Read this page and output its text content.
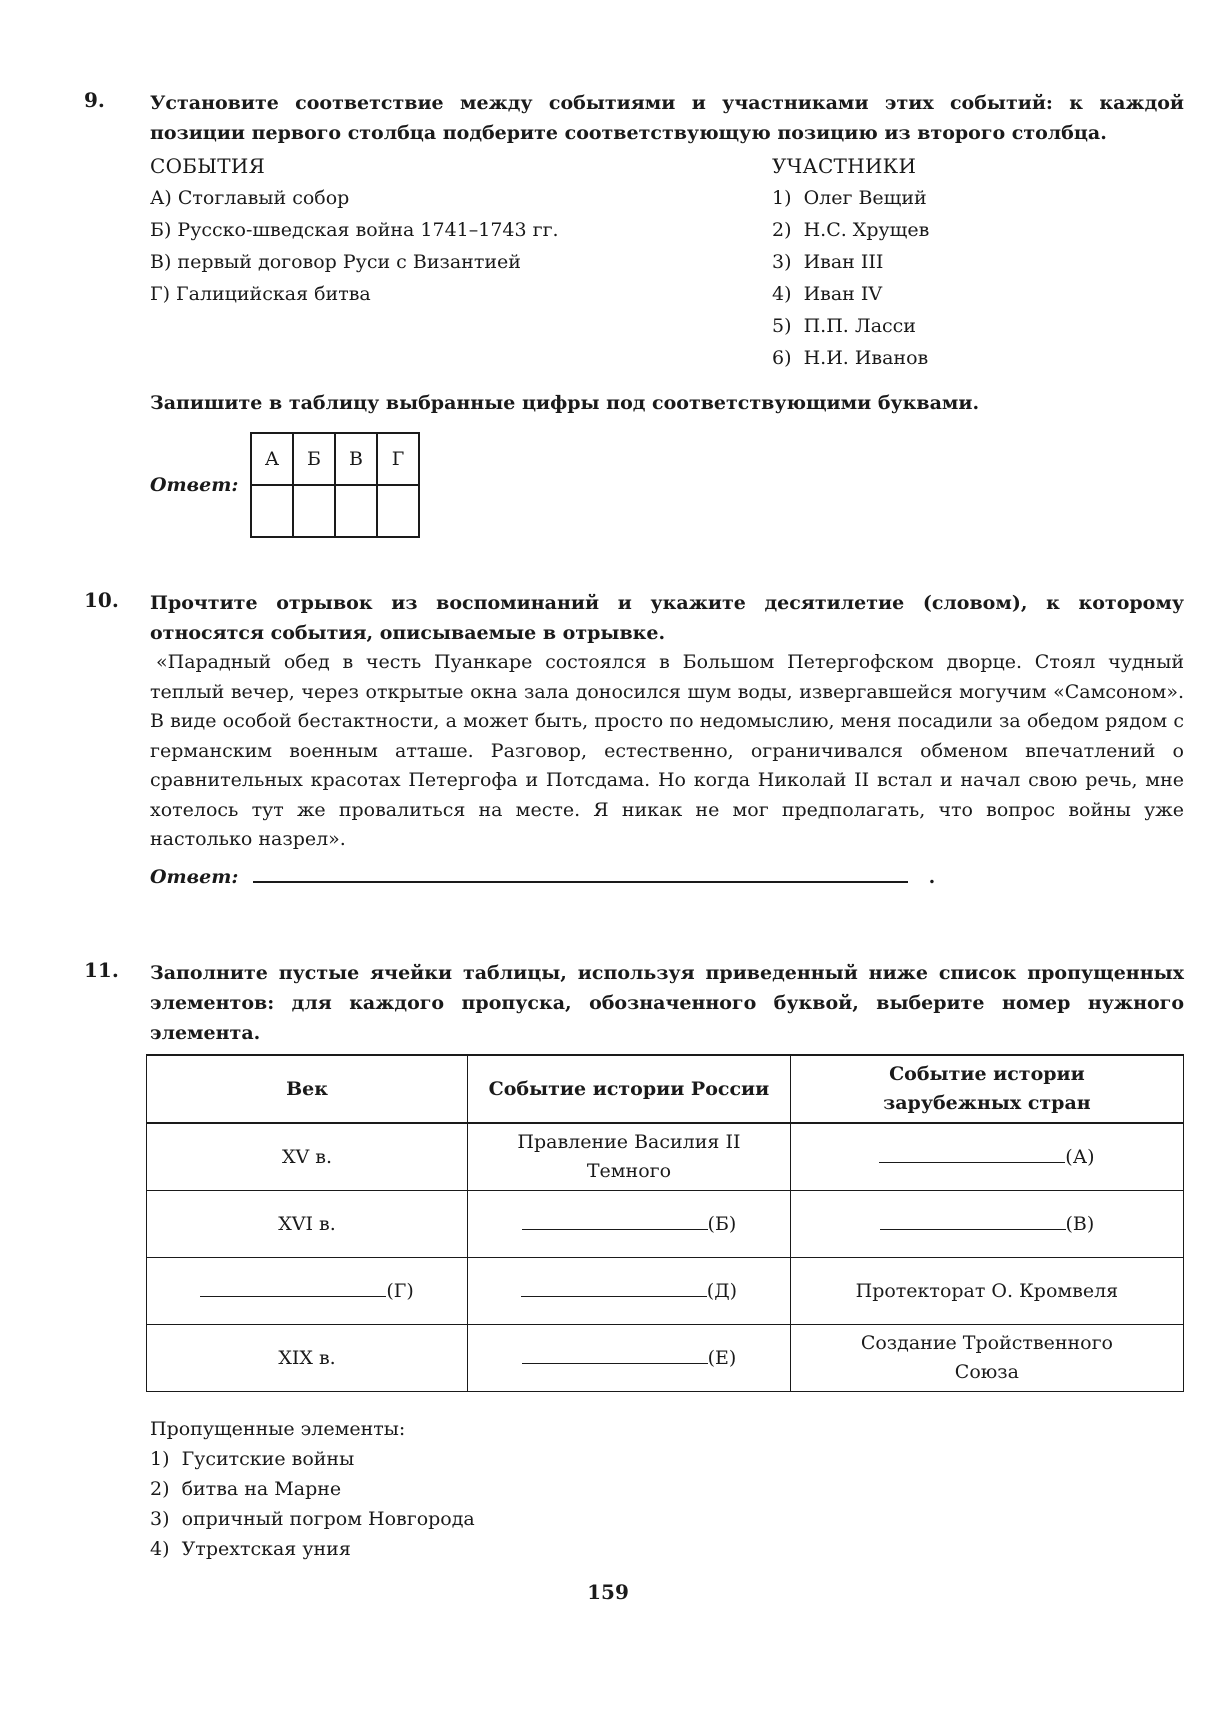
9. Установите соответствие между событиями и участниками этих событий: к каждой позиции первого столбца подберите соответствующую позицию из второго столбца.
СОБЫТИЯ
А) Стоглавый собор
Б) Русско-шведская война 1741–1743 гг.
В) первый договор Руси с Византией
Г) Галицийская битва
УЧАСТНИКИ
1)  Олег Вещий
2)  Н.С. Хрущев
3)  Иван III
4)  Иван IV
5)  П.П. Ласси
6)  Н.И. Иванов
Запишите в таблицу выбранные цифры под соответствующими буквами.
Ответ:
А	Б	В	Г

10. Прочтите отрывок из воспоминаний и укажите десятилетие (словом), к которому относятся события, описываемые в отрывке.
«Парадный обед в честь Пуанкаре состоялся в Большом Петергофском дворце. Стоял чудный теплый вечер, через открытые окна зала доносился шум воды, извергавшейся могучим «Самсоном». В виде особой бестактности, а может быть, просто по недомыслию, меня посадили за обедом рядом с германским военным атташе. Разговор, естественно, ограничивался обменом впечатлений о сравнительных красотах Петергофа и Потсдама. Но когда Николай II встал и начал свою речь, мне хотелось тут же провалиться на месте. Я никак не мог предполагать, что вопрос войны уже настолько назрел».
Ответ:	.
11. Заполните пустые ячейки таблицы, используя приведенный ниже список пропущенных элементов: для каждого пропуска, обозначенного буквой, выберите номер нужного элемента.
Век	Событие истории России	Событие истории зарубежных стран
XV в.	Правление Василия II Темного	(А)
XVI в.	(Б)	(В)
(Г)	(Д)	Протекторат О. Кромвеля
XIX в.	(Е)	Создание Тройственного Союза
Пропущенные элементы:
1)  Гуситские войны
2)  битва на Марне
3)  опричный погром Новгорода
4)  Утрехтская уния
159
